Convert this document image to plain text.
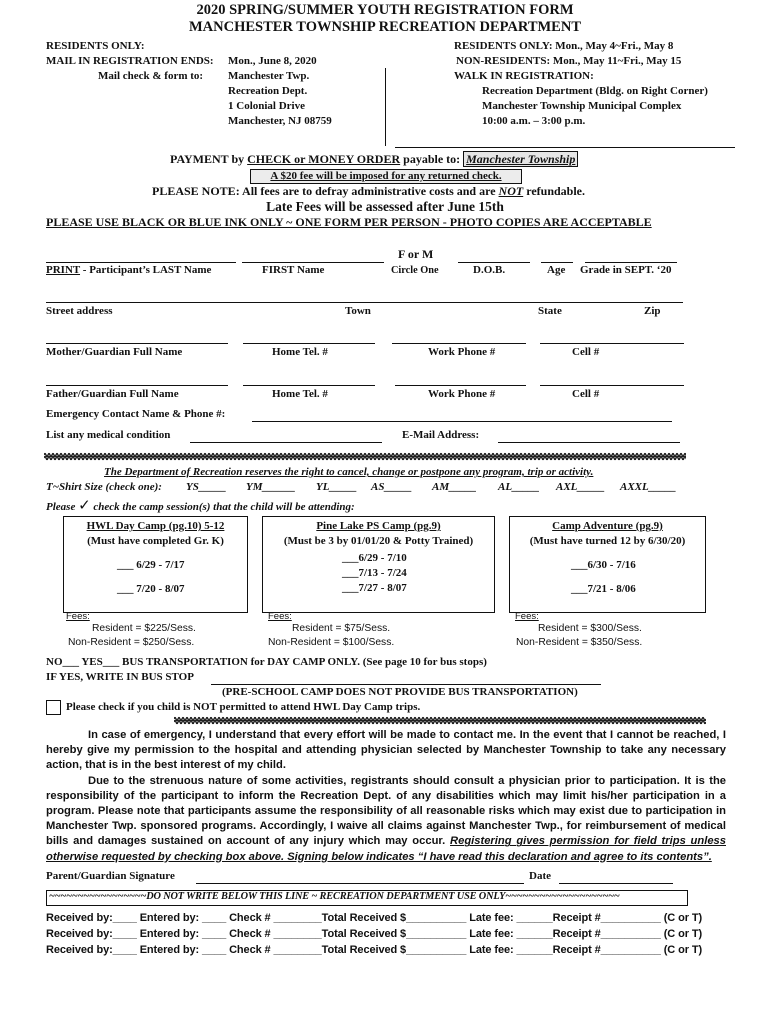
2020 SPRING/SUMMER YOUTH REGISTRATION FORM
MANCHESTER TOWNSHIP RECREATION DEPARTMENT
RESIDENTS ONLY:
MAIL IN REGISTRATION ENDS: Mon., June 8, 2020
Mail check & form to: Manchester Twp.
Recreation Dept.
1 Colonial Drive
Manchester, NJ 08759
RESIDENTS ONLY: Mon., May 4~Fri., May 8
NON-RESIDENTS: Mon., May 11~Fri., May 15
WALK IN REGISTRATION:
Recreation Department (Bldg. on Right Corner)
Manchester Township Municipal Complex
10:00 a.m. – 3:00 p.m.
PAYMENT by CHECK or MONEY ORDER payable to: Manchester Township
A $20 fee will be imposed for any returned check.
PLEASE NOTE: All fees are to defray administrative costs and are NOT refundable.
Late Fees will be assessed after June 15th
PLEASE USE BLACK OR BLUE INK ONLY ~ ONE FORM PER PERSON - PHOTO COPIES ARE ACCEPTABLE
F or M
PRINT - Participant’s LAST Name	FIRST Name	Circle One	D.O.B.	Age Grade in SEPT. ‘20
Street address	Town	State	Zip
Mother/Guardian Full Name	Home Tel. #	Work Phone #	Cell #
Father/Guardian Full Name	Home Tel. #	Work Phone #	Cell #
Emergency Contact Name & Phone #:
List any medical condition	E-Mail Address:
The Department of Recreation reserves the right to cancel, change or postpone any program, trip or activity.
T~Shirt Size (check one): YS_____ YM______ YL_____ AS_____ AM_____ AL_____ AXL_____ AXXL_____
Please ✓ check the camp session(s) that the child will be attending:
HWL Day Camp (pg.10) 5-12
(Must have completed Gr. K)
___ 6/29 - 7/17
___ 7/20 - 8/07
Fees:
Resident = $225/Sess.
Non-Resident = $250/Sess.
Pine Lake PS Camp (pg.9)
(Must be 3 by 01/01/20 & Potty Trained)
___6/29 - 7/10
___7/13 - 7/24
___7/27 - 8/07
Fees:
Resident = $75/Sess.
Non-Resident = $100/Sess.
Camp Adventure (pg.9)
(Must have turned 12 by 6/30/20)
___6/30 - 7/16
___7/21 - 8/06
Fees:
Resident = $300/Sess.
Non-Resident = $350/Sess.
NO___ YES___ BUS TRANSPORTATION for DAY CAMP ONLY. (See page 10 for bus stops)
IF YES, WRITE IN BUS STOP
(PRE-SCHOOL CAMP DOES NOT PROVIDE BUS TRANSPORTATION)
Please check if you child is NOT permitted to attend HWL Day Camp trips.

In case of emergency, I understand that every effort will be made to contact me. In the event that I cannot be reached, I hereby give my permission to the hospital and attending physician selected by Manchester Township to take any necessary action, that is in the best interest of my child.

Due to the strenuous nature of some activities, registrants should consult a physician prior to participation. It is the responsibility of the participant to inform the Recreation Dept. of any disabilities which may limit his/her participation in a program. Please note that participants assume the responsibility of all reasonable risks which may exist due to participation in Manchester Twp. sponsored programs. Accordingly, I waive all claims against Manchester Twp., for reimbursement of medical bills and damages sustained on account of any injury which may occur. Registering gives permission for field trips unless otherwise requested by checking box above. Signing below indicates “I have read this declaration and agree to its contents”.

Parent/Guardian Signature	Date
~~~~~~~~~~~~~~~~~DO NOT WRITE BELOW THIS LINE ~ RECREATION DEPARTMENT USE ONLY~~~~~~~~~~~~~~~~~~~~
Received by:____ Entered by: ____ Check # ________Total Received $__________ Late fee: ______Receipt #__________ (C or T)
Received by:____ Entered by: ____ Check # ________Total Received $__________ Late fee: ______Receipt #__________ (C or T)
Received by:____ Entered by: ____ Check # ________Total Received $__________ Late fee: ______Receipt #__________ (C or T)
